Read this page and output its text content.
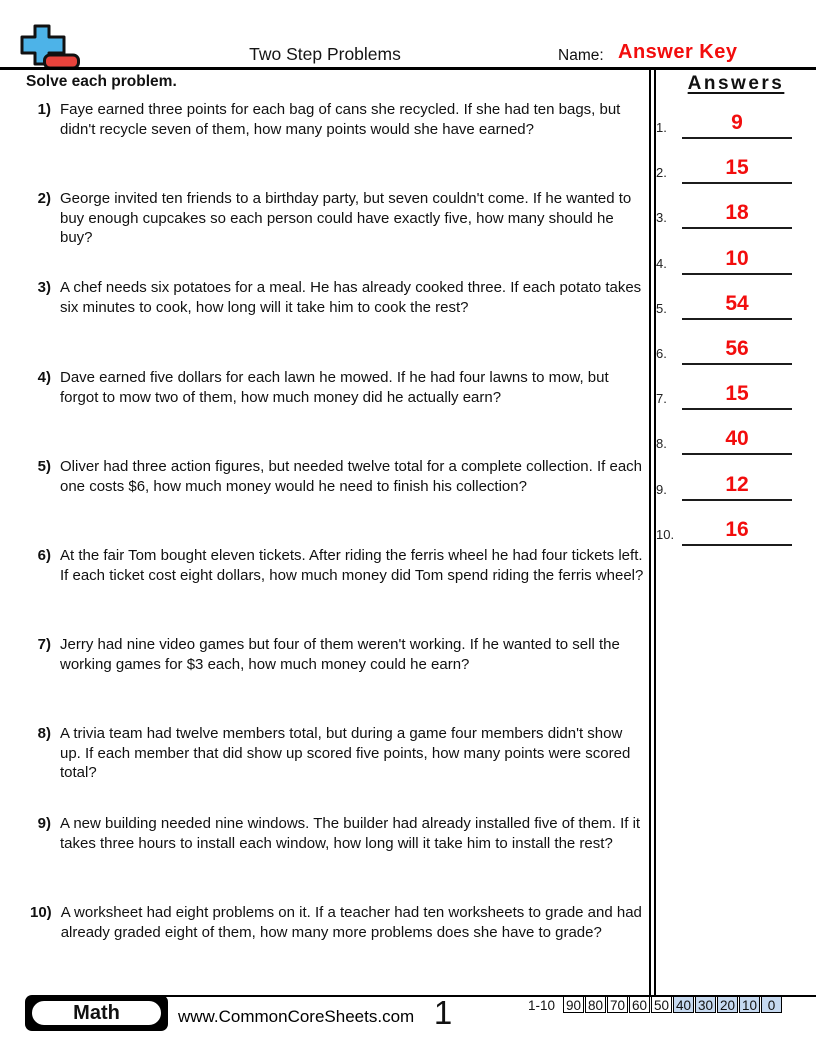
Two Step Problems	Name: Answer Key
Solve each problem.
1) Faye earned three points for each bag of cans she recycled. If she had ten bags, but didn't recycle seven of them, how many points would she have earned?
2) George invited ten friends to a birthday party, but seven couldn't come. If he wanted to buy enough cupcakes so each person could have exactly five, how many should he buy?
3) A chef needs six potatoes for a meal. He has already cooked three. If each potato takes six minutes to cook, how long will it take him to cook the rest?
4) Dave earned five dollars for each lawn he mowed. If he had four lawns to mow, but forgot to mow two of them, how much money did he actually earn?
5) Oliver had three action figures, but needed twelve total for a complete collection. If each one costs $6, how much money would he need to finish his collection?
6) At the fair Tom bought eleven tickets. After riding the ferris wheel he had four tickets left. If each ticket cost eight dollars, how much money did Tom spend riding the ferris wheel?
7) Jerry had nine video games but four of them weren't working. If he wanted to sell the working games for $3 each, how much money could he earn?
8) A trivia team had twelve members total, but during a game four members didn't show up. If each member that did show up scored five points, how many points were scored total?
9) A new building needed nine windows. The builder had already installed five of them. If it takes three hours to install each window, how long will it take him to install the rest?
10) A worksheet had eight problems on it. If a teacher had ten worksheets to grade and had already graded eight of them, how many more problems does she have to grade?
Answers
1.	9
2.	15
3.	18
4.	10
5.	54
6.	56
7.	15
8.	40
9.	12
10.	16
Math	www.CommonCoreSheets.com 1	1-10 90 80 70 60 50 40 30 20 10 0
